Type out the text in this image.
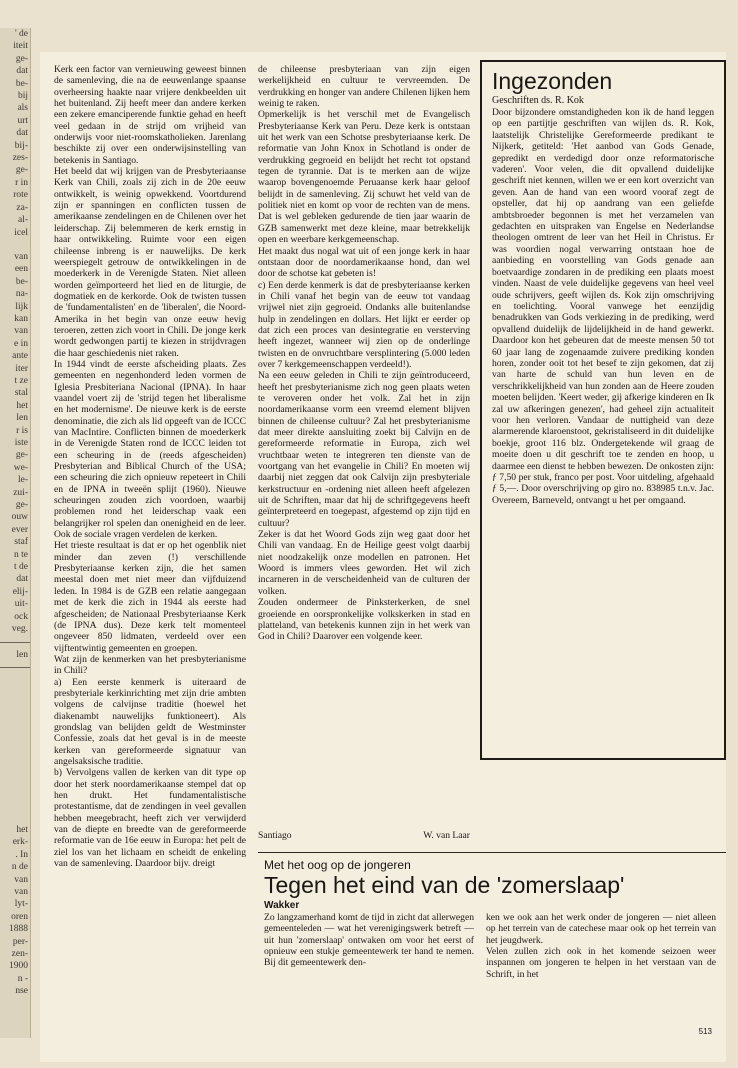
' de
iteit
ge-
dat
be-
bij
als
urt
dat
bij-
zes-
ge-
r in
rote
za-
al-
icel
van
een
be-
na-
lijk
kan
van
e in
ante
iter
t ze
stal
het
len
r is
iste
ge-
we-
le-
zui-
ge-
ouw
ever
staf
n te
t de
dat
elij-
uit-
ock
veg.
len
het
erk-
. In
n de
van
van
lyt-
oren
1888
per-
zen-
1900
n -
nse

Kerk een factor van vernieuwing geweest binnen de samenleving, die na de eeuwenlange spaanse overheersing haakte naar vrijere denkbeelden uit het buitenland. Zij heeft meer dan andere kerken een zekere emanciperende funktie gehad en heeft veel gedaan in de strijd om vrijheid van onderwijs voor niet-roomskatholieken. Jarenlang beschikte zij over een onderwijsinstelling van betekenis in Santiago.

Het beeld dat wij krijgen van de Presbyteriaanse Kerk van Chili, zoals zij zich in de 20e eeuw ontwikkelt, is weinig opwekkend. Voortdurend zijn er spanningen en conflicten tussen de amerikaanse zendelingen en de Chilenen over het leiderschap. Zij belemmeren de kerk ernstig in haar ontwikkeling. Ruimte voor een eigen chileense inbreng is er nauwelijks. De kerk weerspiegelt getrouw de ontwikkelingen in de moederkerk in de Verenigde Staten. Niet alleen worden geïmporteerd het lied en de liturgie, de dogmatiek en de kerkorde. Ook de twisten tussen de 'fundamentalisten' en de 'liberalen', die Noord-Amerika in het begin van onze eeuw hevig teroeren, zetten zich voort in Chili. De jonge kerk wordt gedwongen partij te kiezen in strijdvragen die haar geschiedenis niet raken.

In 1944 vindt de eerste afscheiding plaats. Zes gemeenten en negenhonderd leden vormen de Iglesia Presbiteriana Nacional (IPNA). In haar vaandel voert zij de 'strijd tegen het liberalisme en het modernisme'. De nieuwe kerk is de eerste denominatie, die zich als lid opgeeft van de ICCC van MacIntire. Conflicten binnen de moederkerk in de Verenigde Staten rond de ICCC leiden tot een scheuring in de (reeds afgescheiden) Presbyterian and Biblical Church of the USA; een scheuring die zich opnieuw repeteert in Chili en de IPNA in tweeën splijt (1960). Nieuwe scheuringen zouden zich voordoen, waarbij problemen rond het leiderschap vaak een belangrijker rol spelen dan onenigheid en de leer. Ook de sociale vragen verdelen de kerken.

Het trieste resultaat is dat er op het ogenblik niet minder dan zeven (!) verschillende Presbyteriaanse kerken zijn, die het samen meestal doen met niet meer dan vijfduizend leden. In 1984 is de GZB een relatie aangegaan met de kerk die zich in 1944 als eerste had afgescheiden; de Nationaal Presbyteriaanse Kerk (de IPNA dus). Deze kerk telt momenteel ongeveer 850 lidmaten, verdeeld over een vijftentwintig gemeenten en groepen.

Wat zijn de kenmerken van het presbyterianisme in Chili?

a) Een eerste kenmerk is uiteraard de presbyteriale kerkinrichting met zijn drie ambten volgens de calvijnse traditie (hoewel het diakenambt nauwelijks funktioneert). Als grondslag van belijden geldt de Westminster Confessie, zoals dat het geval is in de meeste kerken van gereformeerde signatuur van angelsaksische traditie.

b) Vervolgens vallen de kerken van dit type op door het sterk noordamerikaanse stempel dat op hen drukt. Het fundamentalistische protestantisme, dat de zendingen in veel gevallen hebben meegebracht, heeft zich ver verwijderd van de diepte en breedte van de gereformeerde reformatie van de 16e eeuw in Europa: het pelt de ziel los van het lichaam en scheidt de enkeling van de samenleving. Daardoor bijv. dreigt

de chileense presbyteriaan van zijn eigen werkelijkheid en cultuur te vervreemden. De verdrukking en honger van andere Chilenen lijken hem weinig te raken.

Opmerkelijk is het verschil met de Evangelisch Presbyteriaanse Kerk van Peru. Deze kerk is ontstaan uit het werk van een Schotse presbyteriaanse kerk. De reformatie van John Knox in Schotland is onder de verdrukking gegroeid en belijdt het recht tot opstand tegen de tyrannie. Dat is te merken aan de wijze waarop bovengenoemde Peruaanse kerk haar geloof belijdt in de samenleving. Zij schuwt het veld van de politiek niet en komt op voor de rechten van de mens. Dat is wel gebleken gedurende de tien jaar waarin de GZB samenwerkt met deze kleine, maar betrekkelijk open en weerbare kerkgemeenschap.

Het maakt dus nogal wat uit of een jonge kerk in haar ontstaan door de noordamerikaanse hond, dan wel door de schotse kat gebeten is!

c) Een derde kenmerk is dat de presbyteriaanse kerken in Chili vanaf het begin van de eeuw tot vandaag vrijwel niet zijn gegroeid. Ondanks alle buitenlandse hulp in zendelingen en dollars. Het lijkt er eerder op dat zich een proces van desintegratie en versterving heeft ingezet, wanneer wij zien op de onderlinge twisten en de onvruchtbare versplintering (5.000 leden over 7 kerkgemeenschappen verdeeld!).

Na een eeuw geleden in Chili te zijn geïntroduceerd, heeft het presbyterianisme zich nog geen plaats weten te veroveren onder het volk. Zal het in zijn noordamerikaanse vorm een vreemd element blijven binnen de chileense cultuur? Zal het presbyterianisme dat meer direkte aansluiting zoekt bij Calvijn en de gereformeerde reformatie in Europa, zich wel vruchtbaar weten te integreren ten dienste van de voortgang van het evangelie in Chili? En moeten wij daarbij niet zeggen dat ook Calvijn zijn presbyteriale kerkstructuur en -ordening niet alleen heeft afgelezen uit de Schriften, maar dat hij de schriftgegevens heeft geïnterpreteerd en toegepast, afgestemd op zijn tijd en cultuur?

Zeker is dat het Woord Gods zijn weg gaat door het Chili van vandaag. En de Heilige geest volgt daarbij niet noodzakelijk onze modellen en patronen. Het Woord is immers vlees geworden. Het wil zich incarneren in de verscheidenheid van de culturen der volken.

Zouden ondermeer de Pinksterkerken, de snel groeiende en oorspronkelijke volkskerken in stad en platteland, van betekenis kunnen zijn in het werk van God in Chili? Daarover een volgende keer.

Santiago	W. van Laar
Ingezonden
Geschriften ds. R. Kok
Door bijzondere omstandigheden kon ik de hand leggen op een partijtje geschriften van wijlen ds. R. Kok, laatstelijk Christelijke Gereformeerde predikant te Nijkerk, getiteld: 'Het aanbod van Gods Genade, gepredikt en verdedigd door onze reformatorische vaderen'. Voor velen, die dit opvallend duidelijke geschrift niet kennen, willen we er een kort overzicht van geven. Aan de hand van een woord vooraf zegt de opsteller, dat hij op aandrang van een geliefde ambtsbroeder begonnen is met het verzamelen van gedachten en uitspraken van Engelse en Nederlandse theologen omtrent de leer van het Heil in Christus. Er was voordien nogal verwarring ontstaan hoe de aanbieding en voorstelling van Gods genade aan boetvaardige zondaren in de prediking een plaats moest vinden. Naast de vele duidelijke gegevens van heel veel oude schrijvers, geeft wijlen ds. Kok zijn omschrijving en toelichting. Vooral vanwege het eenzijdig benadrukken van Gods verkiezing in de prediking, werd opvallend duidelijk de lijdelijkheid in de hand gewerkt. Daardoor kon het gebeuren dat de meeste mensen 50 tot 60 jaar lang de zogenaamde zuivere prediking konden horen, zonder ooit tot het besef te zijn gekomen, dat zij van harte de schuld van hun leven en de verschrikkelijkheid van hun zonden aan de Heere zouden moeten belijden. 'Keert weder, gij afkerige kinderen en Ik zal uw afkeringen genezen', had geheel zijn actualiteit voor hen verloren. Vandaar de nuttigheid van deze alarmerende klaroenstoot, gekristaliseerd in dit duidelijke boekje, groot 116 blz. Ondergetekende wil graag de moeite doen u dit geschrift toe te zenden en hoop, u daarmee een dienst te hebben bewezen. De onkosten zijn: ƒ 7,50 per stuk, franco per post. Voor uitdeling, afgehaald ƒ 5,—. Door overschrijving op giro no. 838985 t.n.v. Jac. Overeem, Barneveld, ontvangt u het per omgaand.
Met het oog op de jongeren
Tegen het eind van de 'zomerslaap'
Wakker

Zo langzamerhand komt de tijd in zicht dat allerwegen gemeenteleden — wat het verenigingswerk betreft — uit hun 'zomerslaap' ontwaken om voor het eerst of opnieuw een stukje gemeentewerk ter hand te nemen. Bij dit gemeentewerk den-

ken we ook aan het werk onder de jongeren — niet alleen op het terrein van de catechese maar ook op het terrein van het jeugdwerk.

Velen zullen zich ook in het komende seizoen weer inspannen om jongeren te helpen in het verstaan van de Schrift, in het

513
